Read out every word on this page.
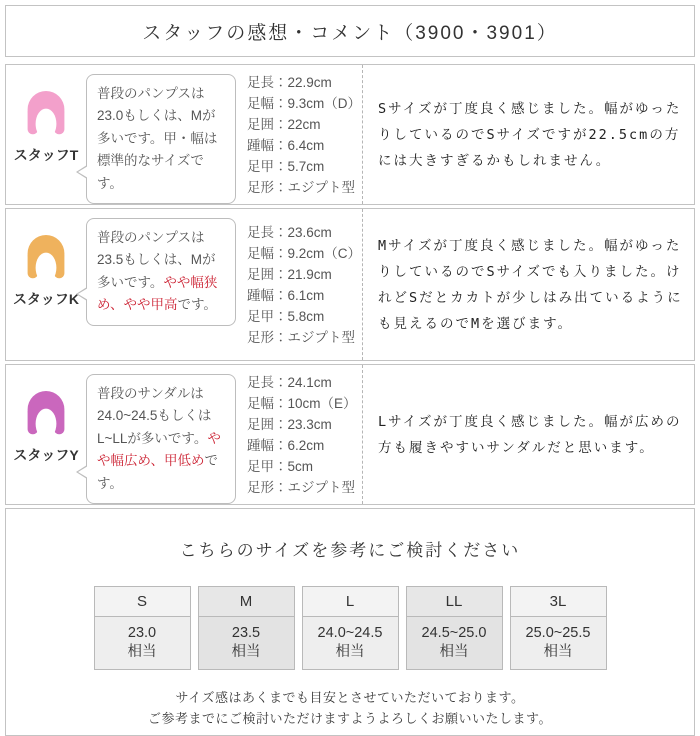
スタッフの感想・コメント（3900・3901）
スタッフT
普段のパンプスは23.0もしくは、Mが多いです。甲・幅は標準的なサイズです。
足長：22.9cm
足幅：9.3cm（D）
足囲：22cm
踵幅：6.4cm
足甲：5.7cm
足形：エジプト型

Sサイズが丁度良く感じました。幅がゆったりしているのでSサイズですが22.5cmの方には大きすぎるかもしれません。

スタッフK
普段のパンプスは23.5もしくは、Mが多いです。やや幅狭め、やや甲高です。
足長：23.6cm
足幅：9.2cm（C）
足囲：21.9cm
踵幅：6.1cm
足甲：5.8cm
足形：エジプト型

Mサイズが丁度良く感じました。幅がゆったりしているのでSサイズでも入りました。けれどSだとカカトが少しはみ出ているようにも見えるのでMを選びます。

スタッフY
普段のサンダルは24.0~24.5もしくはL~LLが多いです。やや幅広め、甲低めです。
足長：24.1cm
足幅：10cm（E）
足囲：23.3cm
踵幅：6.2cm
足甲：5cm
足形：エジプト型

Lサイズが丁度良く感じました。幅が広めの方も履きやすいサンダルだと思います。

こちらのサイズを参考にご検討ください
S
23.0
相当
M
23.5
相当
L
24.0~24.5
相当
LL
24.5~25.0
相当
3L
25.0~25.5
相当

サイズ感はあくまでも目安とさせていただいております。
ご参考までにご検討いただけますようよろしくお願いいたします。
